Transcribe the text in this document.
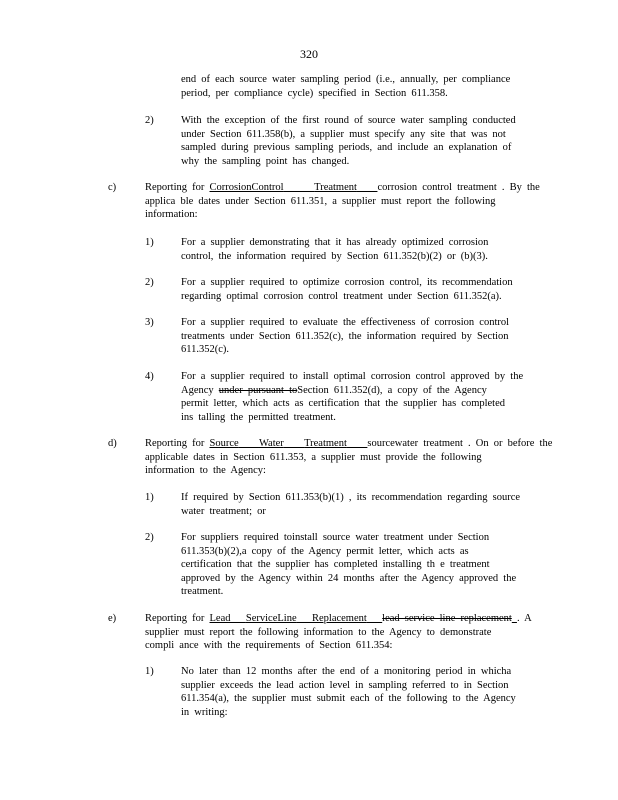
320
end of each source water sampling period (i.e., annually, per compliance
period, per compliance cycle) specified in Section 611.358.
2)	With the exception of the first round of source water sampling conducted
under Section 611.358(b), a supplier must specify any site that was not
sampled during previous sampling periods, and include an explanation of
why the sampling point has changed.
c)	Reporting for CorrosionControl	Treatment corrosion control treatment . By the
applica ble dates under Section 611.351, a supplier must report the following
information:
1)	For a supplier demonstrating that it has already optimized corrosion
control, the information required by Section 611.352(b)(2) or (b)(3).
2)	For a supplier required to optimize corrosion control, its recommendation
regarding optimal corrosion control treatment under Section 611.352(a).
3)	For a supplier required to evaluate the effectiveness of corrosion control
treatments under Section 611.352(c), the information required by Section
611.352(c).
4)	For a supplier required to install optimal corrosion control approved by the
Agency under pursuant toSection 611.352(d), a copy of the Agency
permit letter, which acts as certification that the supplier has completed
ins talling the permitted treatment.
d)	Reporting for Source Water Treatment sourcewater treatment . On or before the
applicable dates in Section 611.353, a supplier must provide the following
information to the Agency:
1)	If required by Section 611.353(b)(1) , its recommendation regarding source
water treatment; or
2)	For suppliers required toinstall source water treatment under Section
611.353(b)(2),a copy of the Agency permit letter, which acts as
certification that the supplier has completed installing th e treatment
approved by the Agency within 24 months after the Agency approved the
treatment.
e)	Reporting for Lead ServiceLine Replacement lead service line replacement . A
supplier must report the following information to the Agency to demonstrate
compli ance with the requirements of Section 611.354:
1)	No later than 12 months after the end of a monitoring period in whicha
supplier exceeds the lead action level in sampling referred to in Section
611.354(a), the supplier must submit each of the following to the Agency
in writing:
